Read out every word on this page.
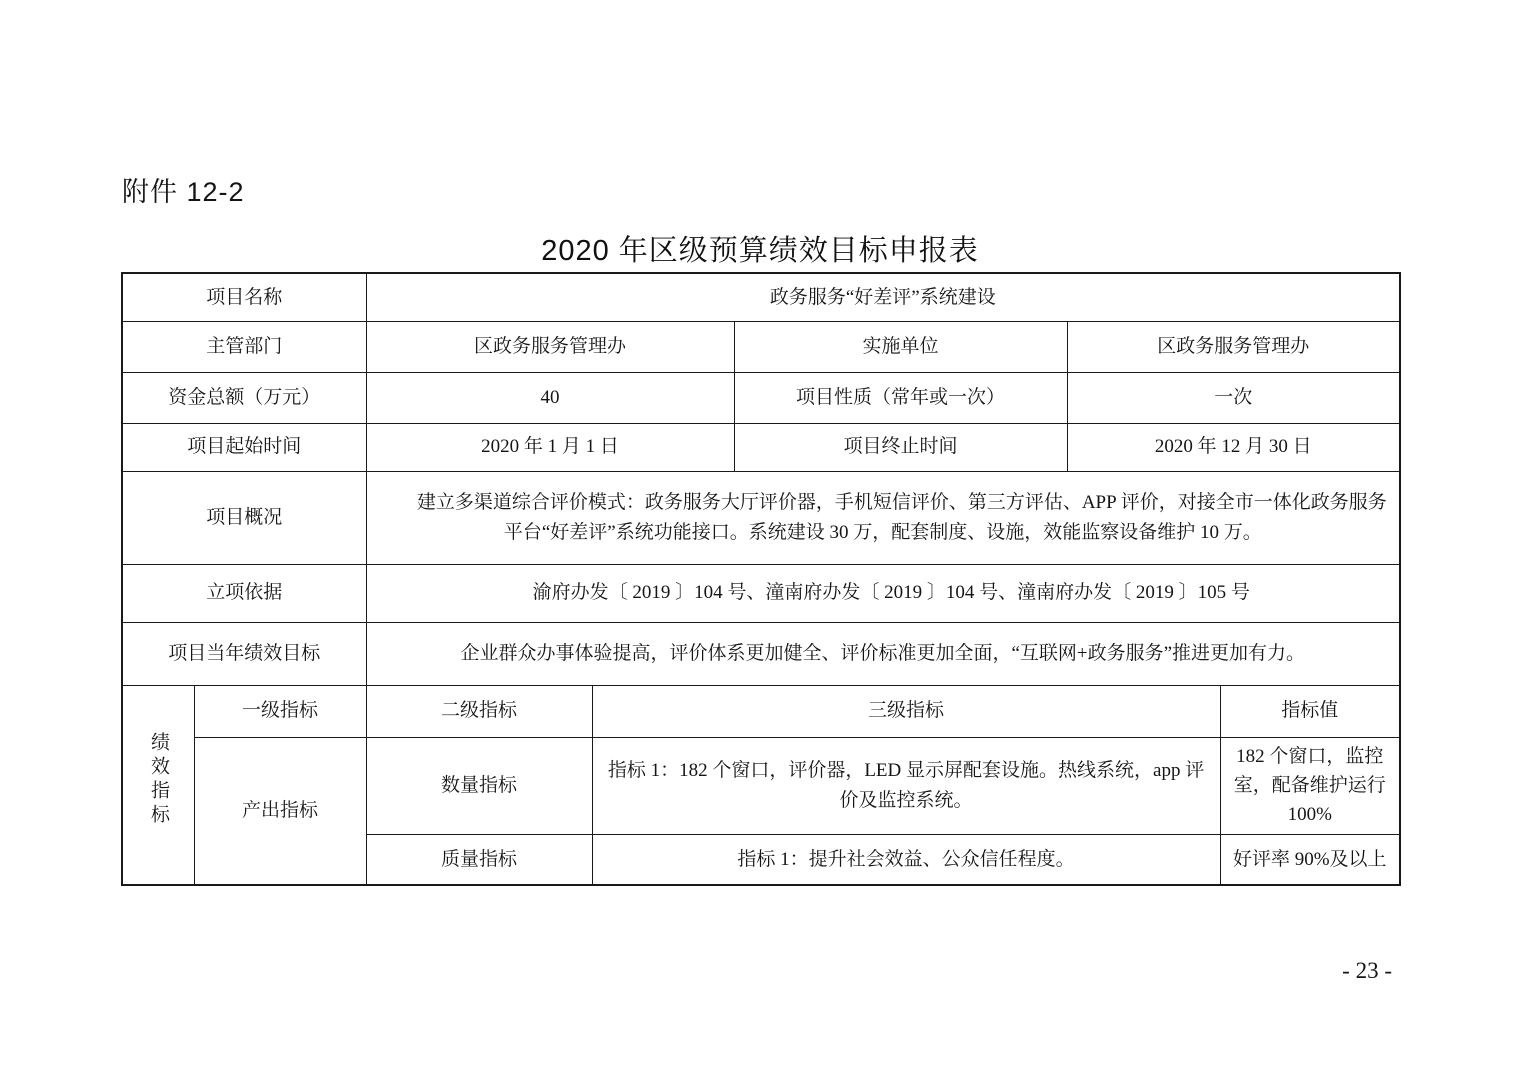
附件 12-2
2020 年区级预算绩效目标申报表
项目名称		政务服务“好差评”系统建设				
主管部门		区政务服务管理办		实施单位	区政务服务管理办	
资金总额（万元）		40		项目性质（常年或一次）	一次	
项目起始时间		2020 年 1 月 1 日		项目终止时间	2020 年 12 月 30 日	
项目概况		建立多渠道综合评价模式：政务服务大厅评价器，手机短信评价、第三方评估、APP 评价，对接全市一体化政务服务平台“好差评”系统功能接口。系统建设 30 万，配套制度、设施，效能监察设备维护 10 万。				
立项依据		渝府办发〔 2019 〕104 号、潼南府办发〔 2019 〕104 号、潼南府办发〔 2019 〕105 号				
项目当年绩效目标		企业群众办事体验提高，评价体系更加健全、评价标准更加全面，“互联网+政务服务”推进更加有力。				
绩效指标	一级指标	二级指标	三级指标			指标值
	产出指标	数量指标	指标 1：182 个窗口，评价器，LED 显示屏配套设施。热线系统，app 评价及监控系统。			182 个窗口，监控室，配备维护运行 100%
		质量指标	指标 1：提升社会效益、公众信任程度。			好评率 90%及以上
- 23 -
